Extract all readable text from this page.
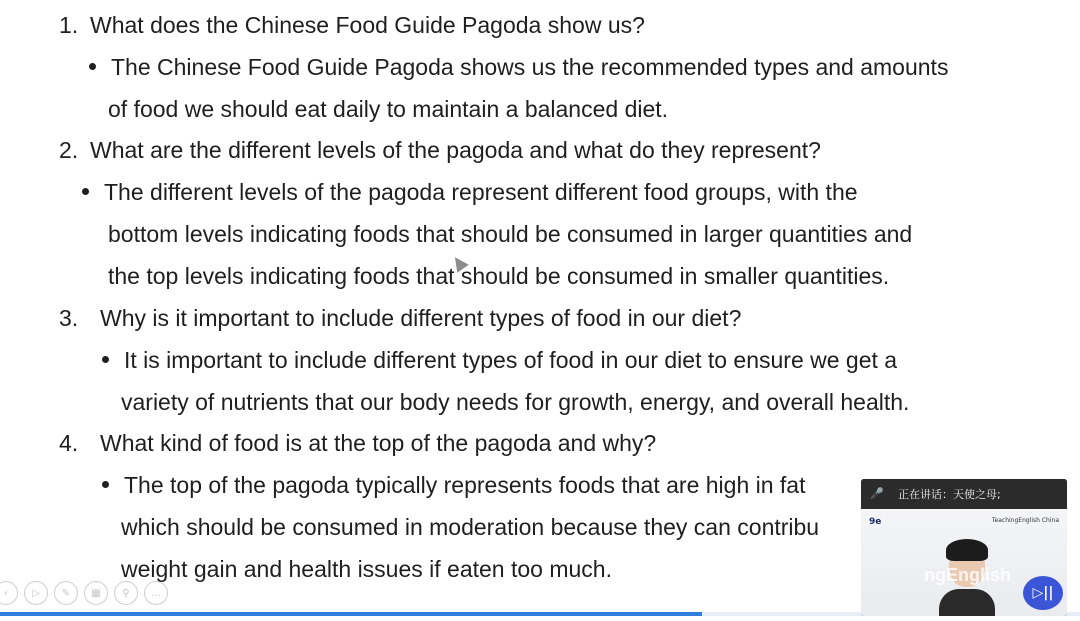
1. What does the Chinese Food Guide Pagoda show us?
The Chinese Food Guide Pagoda shows us the recommended types and amounts
of food we should eat daily to maintain a balanced diet.
2. What are the different levels of the pagoda and what do they represent?
The different levels of the pagoda represent different food groups, with the
bottom levels indicating foods that should be consumed in larger quantities and
the top levels indicating foods that should be consumed in smaller quantities.
3. Why is it important to include different types of food in our diet?
It is important to include different types of food in our diet to ensure we get a
variety of nutrients that our body needs for growth, energy, and overall health.
4. What kind of food is at the top of the pagoda and why?
The top of the pagoda typically represents foods that are high in fat
which should be consumed in moderation because they can contribu
weight gain and health issues if eaten too much.
‹	▷	✎	▦	⚲	...
🎤 正在讲话：天使之母;
9e	TeachingEnglish China
ngEnglish
▷||
